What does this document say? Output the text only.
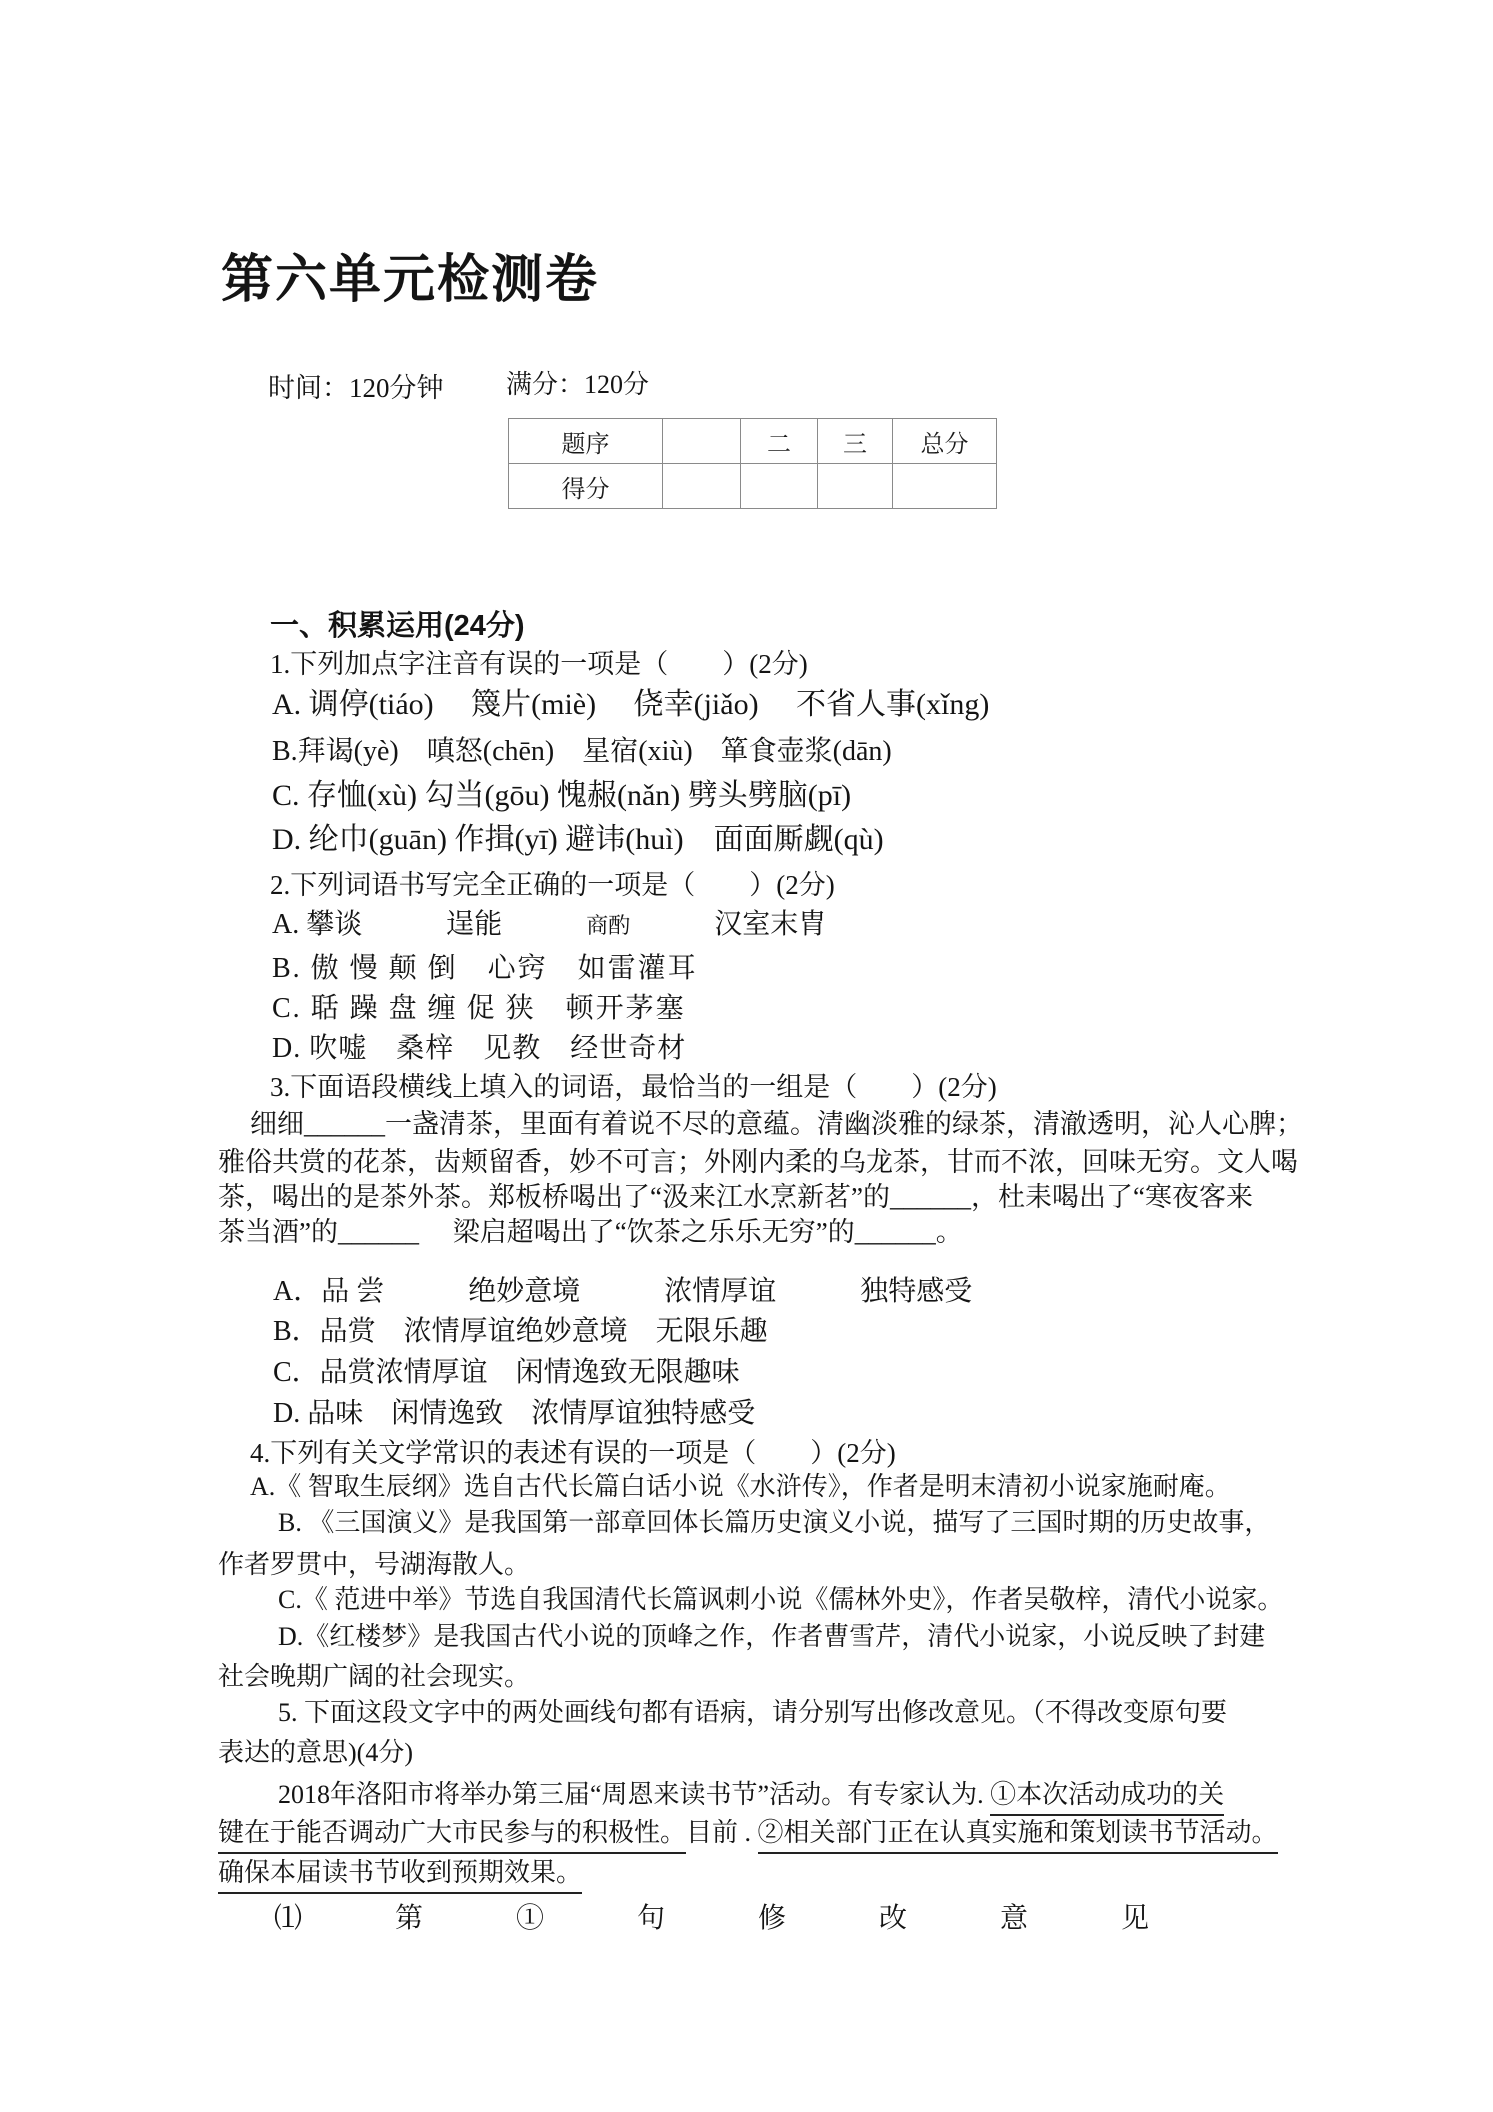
第六单元检测卷
时间：120分钟 满分：120分
题序		二	三	总分
得分				
一、积累运用(24分)
1.下列加点字注音有误的一项是（　　）(2分)
A. 调停(tiáo)　 篾片(miè)　 侥幸(jiǎo)　 不省人事(xǐng)
B.拜谒(yè)　嗔怒(chēn)　星宿(xiù)　箪食壶浆(dān)
C. 存恤(xù) 勾当(gōu) 愧赧(nǎn) 劈头劈脑(pī)
D. 纶巾(guān) 作揖(yī) 避讳(huì)　面面厮觑(qù)
2.下列词语书写完全正确的一项是（　　）(2分)
A. 攀谈　　　逞能　　　商酌　　　汉室末胄
B. 傲 慢 颠 倒　心窍　如雷灌耳
C. 聒 躁 盘 缠 促 狭　顿开茅塞
D. 吹嘘　桑梓　见教　经世奇材
3.下面语段横线上填入的词语，最恰当的一组是（　　）(2分)
细细______一盏清茶，里面有着说不尽的意蕴。清幽淡雅的绿茶，清澈透明，沁人心脾；
雅俗共赏的花茶，齿颊留香，妙不可言；外刚内柔的乌龙茶，甘而不浓，回味无穷。文人喝
茶，喝出的是茶外茶。郑板桥喝出了“汲来江水烹新茗”的______，杜耒喝出了“寒夜客来
茶当酒”的______　 梁启超喝出了“饮茶之乐乐无穷”的______。
A．品 尝　　　绝妙意境　　　浓情厚谊　　　独特感受
B．品赏　浓情厚谊绝妙意境　无限乐趣
C．品赏浓情厚谊　闲情逸致无限趣味
D. 品味　闲情逸致　浓情厚谊独特感受
4.下列有关文学常识的表述有误的一项是（　　）(2分)
A.《 智取生辰纲》选自古代长篇白话小说《水浒传》，作者是明末清初小说家施耐庵。
B. 《三国演义》是我国第一部章回体长篇历史演义小说，描写了三国时期的历史故事，
作者罗贯中，号湖海散人。
C.《 范进中举》节选自我国清代长篇讽刺小说《儒林外史》，作者吴敬梓，清代小说家。
D.《红楼梦》是我国古代小说的顶峰之作，作者曹雪芹，清代小说家，小说反映了封建
社会晚期广阔的社会现实。
5. 下面这段文字中的两处画线句都有语病，请分别写出修改意见。（不得改变原句要
表达的意思)(4分)
2018年洛阳市将举办第三届“周恩来读书节”活动。有专家认为. ①本次活动成功的关
键在于能否调动广大市民参与的积极性。目前 . ②相关部门正在认真实施和策划读书节活动。
确保本届读书节收到预期效果。
⑴ 第 ① 句 修 改 意 见
